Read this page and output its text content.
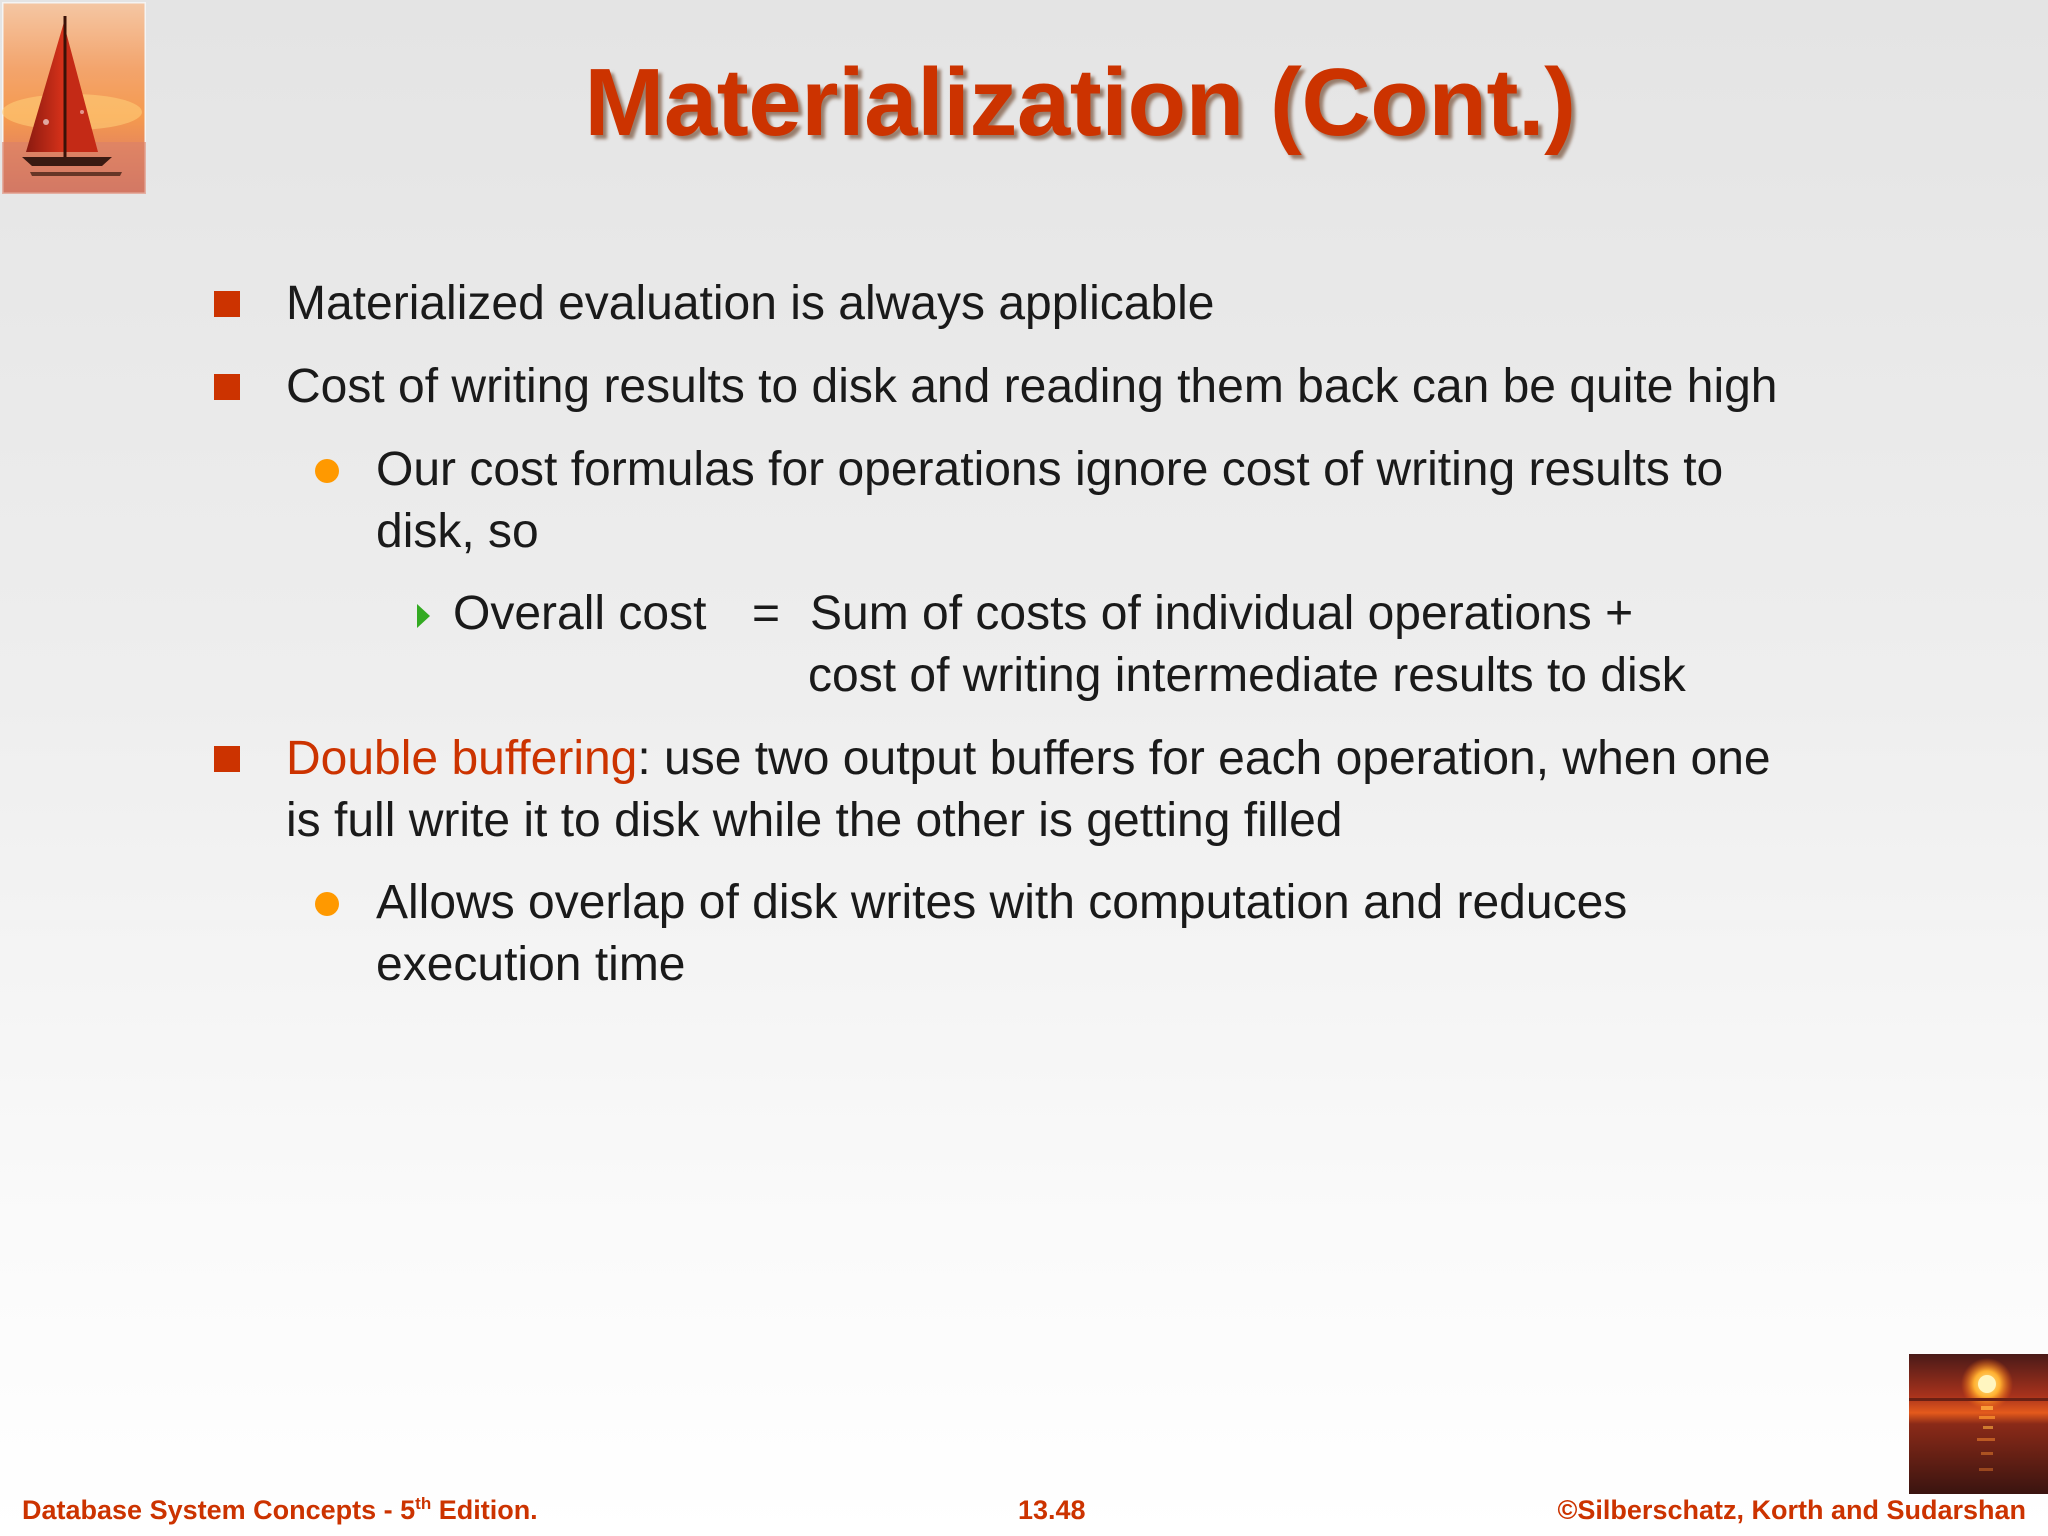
Materialization (Cont.)
Materialized evaluation is always applicable
Cost of writing results to disk and reading them back can be quite high
Our cost formulas for operations ignore cost of writing results to
disk, so
Overall cost = Sum of costs of individual operations +
cost of writing intermediate results to disk
Double buffering: use two output buffers for each operation, when one
is full write it to disk while the other is getting filled
Allows overlap of disk writes with computation and reduces
execution time
Database System Concepts - 5th Edition.	13.48	©Silberschatz, Korth and Sudarshan
